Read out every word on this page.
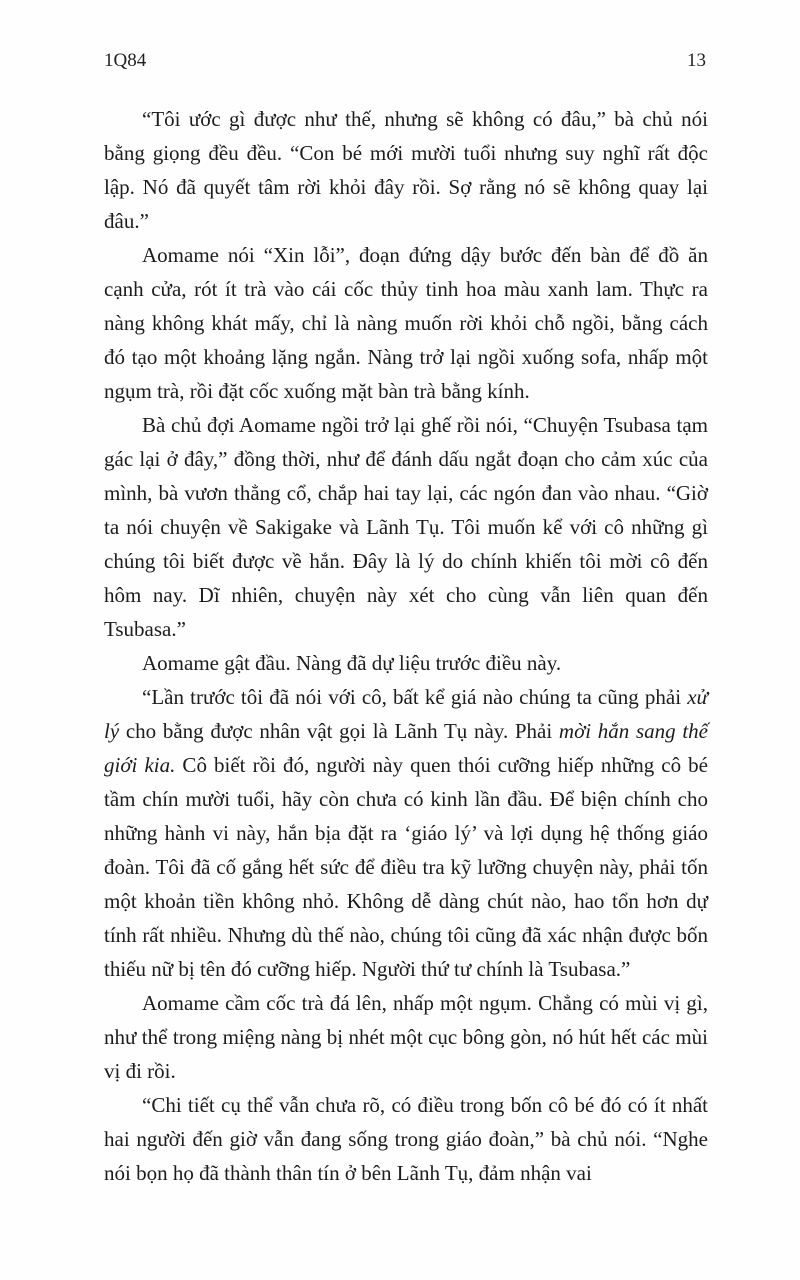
1Q84	13

“Tôi ước gì được như thế, nhưng sẽ không có đâu,” bà chủ nói bằng giọng đều đều. “Con bé mới mười tuổi nhưng suy nghĩ rất độc lập. Nó đã quyết tâm rời khỏi đây rồi. Sợ rằng nó sẽ không quay lại đâu.”

Aomame nói “Xin lỗi”, đoạn đứng dậy bước đến bàn để đồ ăn cạnh cửa, rót ít trà vào cái cốc thủy tinh hoa màu xanh lam. Thực ra nàng không khát mấy, chỉ là nàng muốn rời khỏi chỗ ngồi, bằng cách đó tạo một khoảng lặng ngắn. Nàng trở lại ngồi xuống sofa, nhấp một ngụm trà, rồi đặt cốc xuống mặt bàn trà bằng kính.

Bà chủ đợi Aomame ngồi trở lại ghế rồi nói, “Chuyện Tsubasa tạm gác lại ở đây,” đồng thời, như để đánh dấu ngắt đoạn cho cảm xúc của mình, bà vươn thẳng cổ, chắp hai tay lại, các ngón đan vào nhau. “Giờ ta nói chuyện về Sakigake và Lãnh Tụ. Tôi muốn kể với cô những gì chúng tôi biết được về hắn. Đây là lý do chính khiến tôi mời cô đến hôm nay. Dĩ nhiên, chuyện này xét cho cùng vẫn liên quan đến Tsubasa.”

Aomame gật đầu. Nàng đã dự liệu trước điều này.

“Lần trước tôi đã nói với cô, bất kể giá nào chúng ta cũng phải xử lý cho bằng được nhân vật gọi là Lãnh Tụ này. Phải mời hắn sang thế giới kia. Cô biết rồi đó, người này quen thói cưỡng hiếp những cô bé tầm chín mười tuổi, hãy còn chưa có kinh lần đầu. Để biện chính cho những hành vi này, hắn bịa đặt ra ‘giáo lý’ và lợi dụng hệ thống giáo đoàn. Tôi đã cố gắng hết sức để điều tra kỹ lưỡng chuyện này, phải tốn một khoản tiền không nhỏ. Không dễ dàng chút nào, hao tổn hơn dự tính rất nhiều. Nhưng dù thế nào, chúng tôi cũng đã xác nhận được bốn thiếu nữ bị tên đó cưỡng hiếp. Người thứ tư chính là Tsubasa.”

Aomame cầm cốc trà đá lên, nhấp một ngụm. Chẳng có mùi vị gì, như thể trong miệng nàng bị nhét một cục bông gòn, nó hút hết các mùi vị đi rồi.

“Chi tiết cụ thể vẫn chưa rõ, có điều trong bốn cô bé đó có ít nhất hai người đến giờ vẫn đang sống trong giáo đoàn,” bà chủ nói. “Nghe nói bọn họ đã thành thân tín ở bên Lãnh Tụ, đảm nhận vai
